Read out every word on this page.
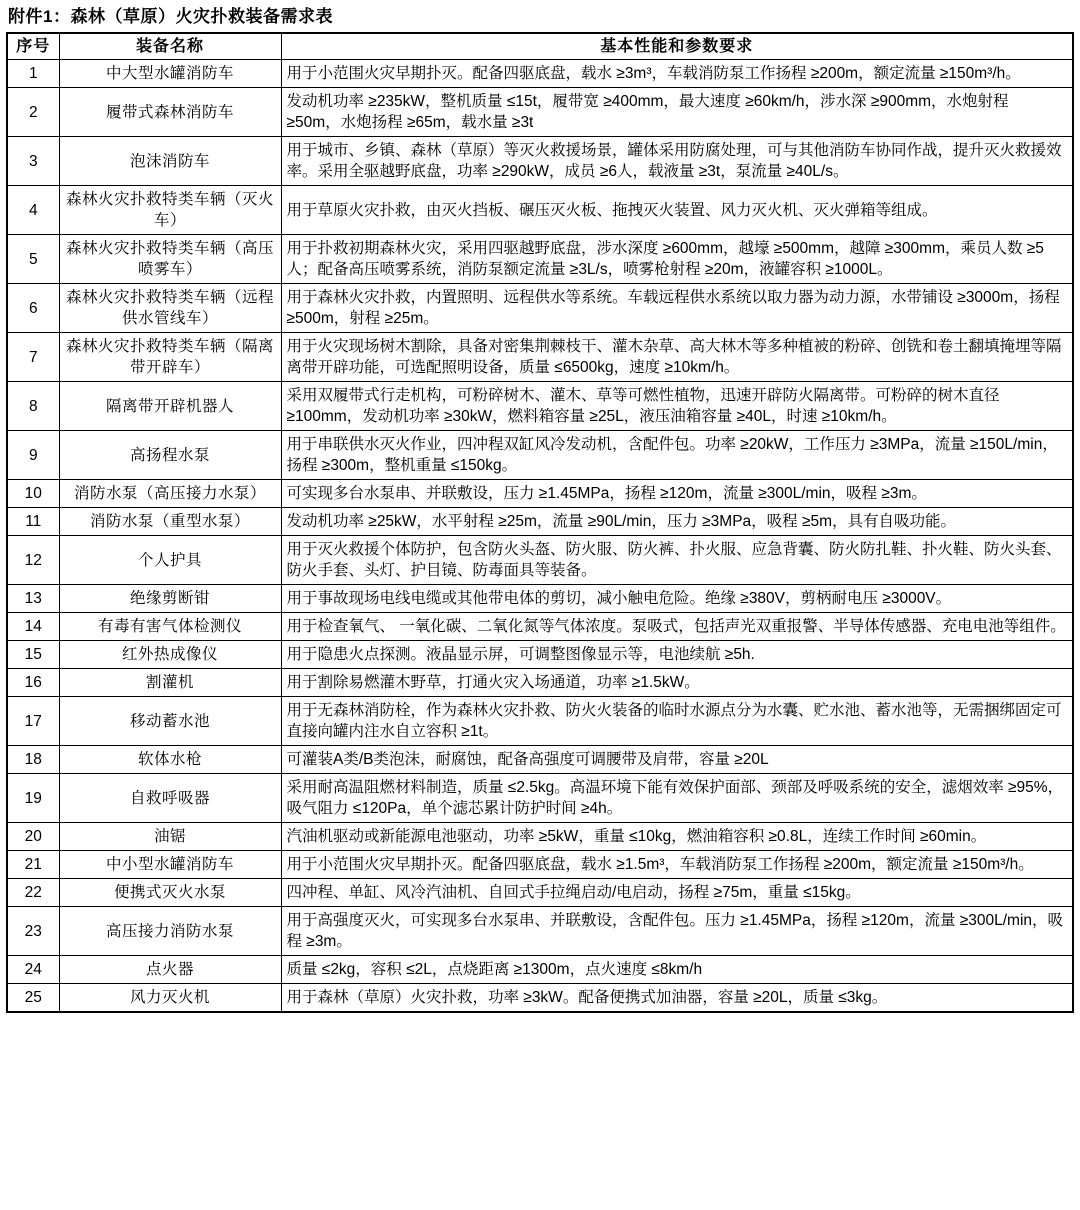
附件1：森林（草原）火灾扑救装备需求表
序号	装备名称	基本性能和参数要求
1	中大型水罐消防车	用于小范围火灾早期扑灭。配备四驱底盘，载水 ≥3m³，车载消防泵工作扬程 ≥200m，额定流量 ≥150m³/h。
2	履带式森林消防车	发动机功率 ≥235kW，整机质量 ≤15t，履带宽 ≥400mm，最大速度 ≥60km/h，涉水深 ≥900mm，水炮射程 ≥50m，水炮扬程 ≥65m，载水量 ≥3t
3	泡沫消防车	用于城市、乡镇、森林（草原）等灭火救援场景，罐体采用防腐处理，可与其他消防车协同作战，提升灭火救援效率。采用全驱越野底盘，功率 ≥290kW，成员 ≥6人，载液量 ≥3t，泵流量 ≥40L/s。
4	森林火灾扑救特类车辆（灭火车）	用于草原火灾扑救，由灭火挡板、碾压灭火板、拖拽灭火装置、风力灭火机、灭火弹箱等组成。
5	森林火灾扑救特类车辆（高压喷雾车）	用于扑救初期森林火灾，采用四驱越野底盘，涉水深度 ≥600mm，越壕 ≥500mm，越障 ≥300mm，乘员人数 ≥5人；配备高压喷雾系统，消防泵额定流量 ≥3L/s，喷雾枪射程 ≥20m，液罐容积 ≥1000L。
6	森林火灾扑救特类车辆（远程供水管线车）	用于森林火灾扑救，内置照明、远程供水等系统。车载远程供水系统以取力器为动力源，水带铺设 ≥3000m，扬程 ≥500m，射程 ≥25m。
7	森林火灾扑救特类车辆（隔离带开辟车）	用于火灾现场树木割除，具备对密集荆棘枝干、灌木杂草、高大林木等多种植被的粉碎、创铣和卷土翻填掩埋等隔离带开辟功能，可选配照明设备，质量 ≤6500kg，速度 ≥10km/h。
8	隔离带开辟机器人	采用双履带式行走机构，可粉碎树木、灌木、草等可燃性植物，迅速开辟防火隔离带。可粉碎的树木直径 ≥100mm，发动机功率 ≥30kW，燃料箱容量 ≥25L，液压油箱容量 ≥40L，时速 ≥10km/h。
9	高扬程水泵	用于串联供水灭火作业，四冲程双缸风冷发动机，含配件包。功率 ≥20kW，工作压力 ≥3MPa，流量 ≥150L/min，扬程 ≥300m，整机重量 ≤150kg。
10	消防水泵（高压接力水泵）	可实现多台水泵串、并联敷设，压力 ≥1.45MPa，扬程 ≥120m，流量 ≥300L/min，吸程 ≥3m。
11	消防水泵（重型水泵）	发动机功率 ≥25kW，水平射程 ≥25m，流量 ≥90L/min，压力 ≥3MPa，吸程 ≥5m，具有自吸功能。
12	个人护具	用于灭火救援个体防护，包含防火头盔、防火服、防火裤、扑火服、应急背囊、防火防扎鞋、扑火鞋、防火头套、防火手套、头灯、护目镜、防毒面具等装备。
13	绝缘剪断钳	用于事故现场电线电缆或其他带电体的剪切，减小触电危险。绝缘 ≥380V，剪柄耐电压 ≥3000V。
14	有毒有害气体检测仪	用于检查氧气、 一氧化碳、二氧化氮等气体浓度。泵吸式，包括声光双重报警、半导体传感器、充电电池等组件。
15	红外热成像仪	用于隐患火点探测。液晶显示屏，可调整图像显示等，电池续航 ≥5h.
16	割灌机	用于割除易燃灌木野草，打通火灾入场通道，功率 ≥1.5kW。
17	移动蓄水池	用于无森林消防栓，作为森林火灾扑救、防火火装备的临时水源点分为水囊、贮水池、蓄水池等，无需捆绑固定可直接向罐内注水自立容积 ≥1t。
18	软体水枪	可灌装A类/B类泡沫，耐腐蚀，配备高强度可调腰带及肩带，容量 ≥20L
19	自救呼吸器	采用耐高温阻燃材料制造，质量 ≤2.5kg。高温环境下能有效保护面部、颈部及呼吸系统的安全，滤烟效率 ≥95%，吸气阻力 ≤120Pa，单个滤芯累计防护时间 ≥4h。
20	油锯	汽油机驱动或新能源电池驱动，功率 ≥5kW，重量 ≤10kg，燃油箱容积 ≥0.8L，连续工作时间 ≥60min。
21	中小型水罐消防车	用于小范围火灾早期扑灭。配备四驱底盘，载水 ≥1.5m³，车载消防泵工作扬程 ≥200m，额定流量 ≥150m³/h。
22	便携式灭火水泵	四冲程、单缸、风冷汽油机、自回式手拉绳启动/电启动，扬程 ≥75m，重量 ≤15kg。
23	高压接力消防水泵	用于高强度灭火，可实现多台水泵串、并联敷设，含配件包。压力 ≥1.45MPa，扬程 ≥120m，流量 ≥300L/min，吸程 ≥3m。
24	点火器	质量 ≤2kg，容积 ≤2L，点烧距离 ≥1300m，点火速度 ≤8km/h
25	风力灭火机	用于森林（草原）火灾扑救，功率 ≥3kW。配备便携式加油器，容量 ≥20L，质量 ≤3kg。
